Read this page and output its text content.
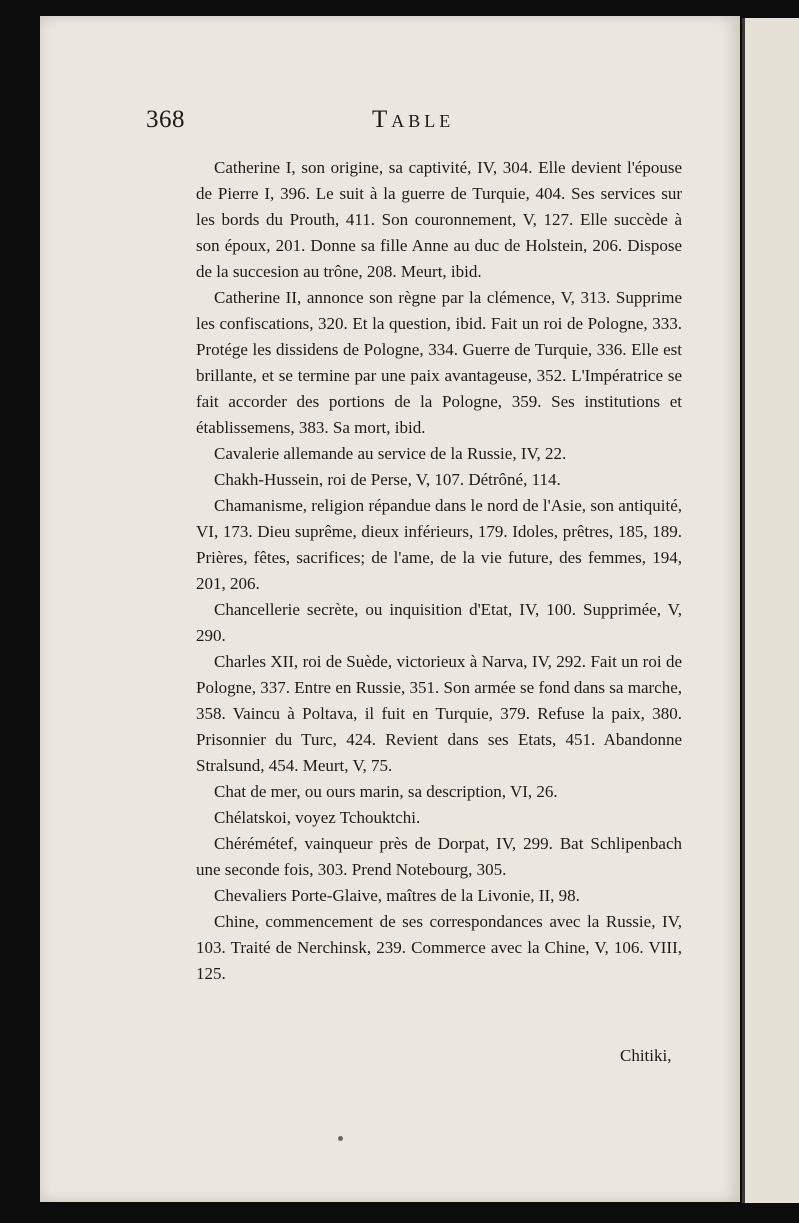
368	Table

Catherine I, son origine, sa captivité, IV, 304. Elle devient l'épouse de Pierre I, 396. Le suit à la guerre de Turquie, 404. Ses services sur les bords du Prouth, 411. Son couronnement, V, 127. Elle succède à son époux, 201. Donne sa fille Anne au duc de Holstein, 206. Dispose de la succesion au trône, 208. Meurt, ibid.

Catherine II, annonce son règne par la clémence, V, 313. Supprime les confiscations, 320. Et la question, ibid. Fait un roi de Pologne, 333. Protége les dissidens de Pologne, 334. Guerre de Turquie, 336. Elle est brillante, et se termine par une paix avantageuse, 352. L'Impératrice se fait accorder des portions de la Pologne, 359. Ses institutions et établissemens, 383. Sa mort, ibid.

Cavalerie allemande au service de la Russie, IV, 22.

Chakh-Hussein, roi de Perse, V, 107. Détrôné, 114.

Chamanisme, religion répandue dans le nord de l'Asie, son antiquité, VI, 173. Dieu suprême, dieux inférieurs, 179. Idoles, prêtres, 185, 189. Prières, fêtes, sacrifices; de l'ame, de la vie future, des femmes, 194, 201, 206.

Chancellerie secrète, ou inquisition d'Etat, IV, 100. Supprimée, V, 290.

Charles XII, roi de Suède, victorieux à Narva, IV, 292. Fait un roi de Pologne, 337. Entre en Russie, 351. Son armée se fond dans sa marche, 358. Vaincu à Poltava, il fuit en Turquie, 379. Refuse la paix, 380. Prisonnier du Turc, 424. Revient dans ses Etats, 451. Abandonne Stralsund, 454. Meurt, V, 75.

Chat de mer, ou ours marin, sa description, VI, 26.

Chélatskoi, voyez Tchouktchi.

Chérémétef, vainqueur près de Dorpat, IV, 299. Bat Schlipenbach une seconde fois, 303. Prend Notebourg, 305.

Chevaliers Porte-Glaive, maîtres de la Livonie, II, 98.

Chine, commencement de ses correspondances avec la Russie, IV, 103. Traité de Nerchinsk, 239. Commerce avec la Chine, V, 106. VIII, 125.

Chitiki,
